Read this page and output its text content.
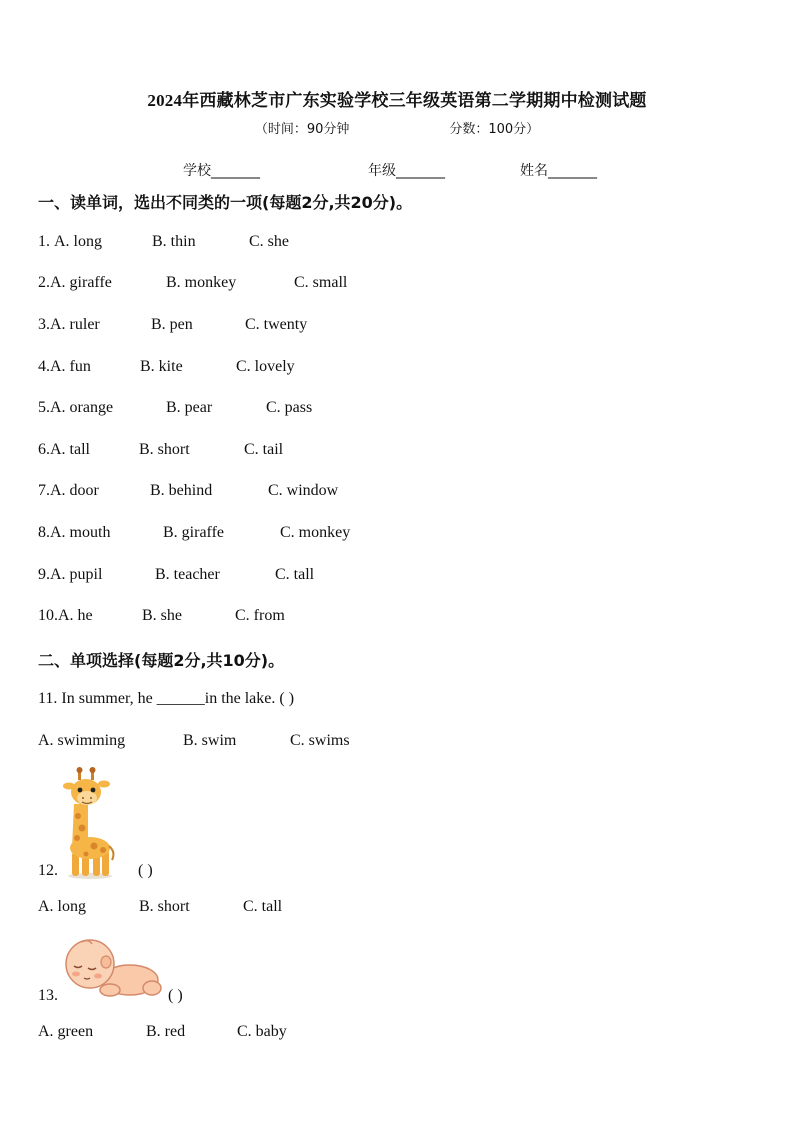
2024年西藏林芝市广东实验学校三年级英语第二学期期中检测试题
（时间：90分钟	分数：100分）
学校_______	年级_______	姓名_______
一、读单词，选出不同类的一项(每题2分,共20分)。
1. A. long	B. thin	C. she
2.A. giraffe	B. monkey	C. small
3.A. ruler	B. pen	C. twenty
4.A. fun	B. kite	C. lovely
5.A. orange	B. pear	C. pass
6.A. tall	B. short	C. tail
7.A. door	B. behind	C. window
8.A. mouth	B. giraffe	C. monkey
9.A. pupil	B. teacher	C. tall
10.A. he	B. she	C. from
二、单项选择(每题2分,共10分)。
11. In summer, he ______in the lake. ( )
A. swimming	B. swim	C. swims
12.	( )
A. long	B. short	C. tall
13.	( )
A. green	B. red	C. baby
